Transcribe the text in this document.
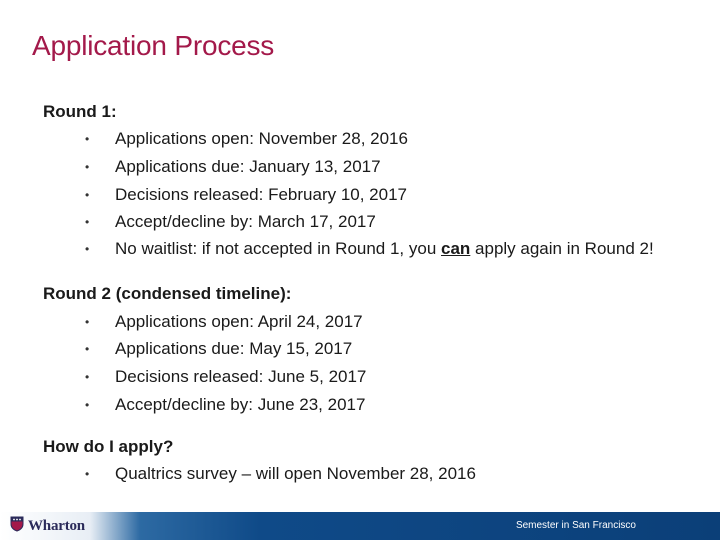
Application Process
Round 1:
• Applications open: November 28, 2016
• Applications due: January 13, 2017
• Decisions released: February 10, 2017
• Accept/decline by: March 17, 2017
• No waitlist: if not accepted in Round 1, you can apply again in Round 2!
Round 2 (condensed timeline):
• Applications open: April 24, 2017
• Applications due: May 15, 2017
• Decisions released: June 5, 2017
• Accept/decline by: June 23, 2017
How do I apply?
• Qualtrics survey – will open November 28, 2016
Wharton	Semester in San Francisco
